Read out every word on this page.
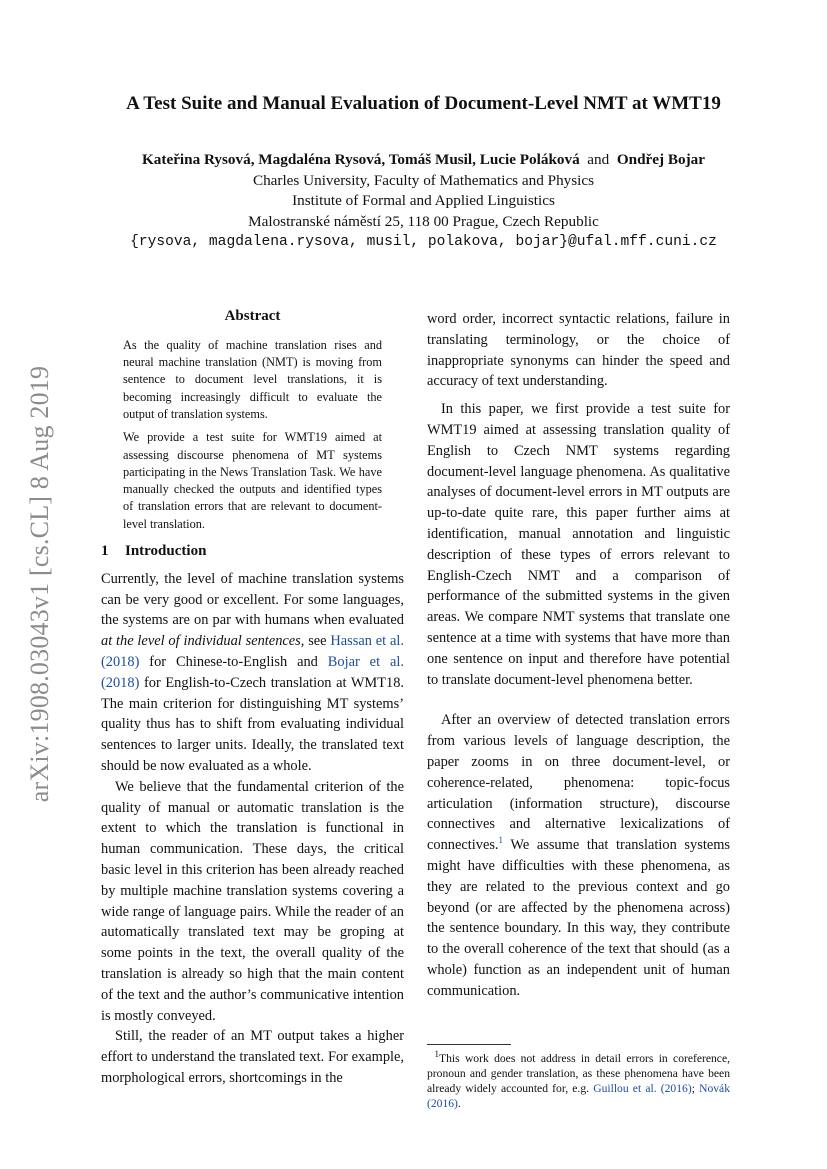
arXiv:1908.03043v1 [cs.CL] 8 Aug 2019
A Test Suite and Manual Evaluation of Document-Level NMT at WMT19
Kateřina Rysová, Magdaléna Rysová, Tomáš Musil, Lucie Poláková and Ondřej Bojar
Charles University, Faculty of Mathematics and Physics
Institute of Formal and Applied Linguistics
Malostranské náměstí 25, 118 00 Prague, Czech Republic
{rysova, magdalena.rysova, musil, polakova, bojar}@ufal.mff.cuni.cz
Abstract

As the quality of machine translation rises and neural machine translation (NMT) is moving from sentence to document level translations, it is becoming increasingly difficult to evaluate the output of translation systems.

We provide a test suite for WMT19 aimed at assessing discourse phenomena of MT systems participating in the News Translation Task. We have manually checked the outputs and identified types of translation errors that are relevant to document-level translation.

1 Introduction

Currently, the level of machine translation systems can be very good or excellent. For some languages, the systems are on par with humans when evaluated at the level of individual sentences, see Hassan et al. (2018) for Chinese-to-English and Bojar et al. (2018) for English-to-Czech translation at WMT18. The main criterion for distinguishing MT systems’ quality thus has to shift from evaluating individual sentences to larger units. Ideally, the translated text should be now evaluated as a whole.

We believe that the fundamental criterion of the quality of manual or automatic translation is the extent to which the translation is functional in human communication. These days, the critical basic level in this criterion has been already reached by multiple machine translation systems covering a wide range of language pairs. While the reader of an automatically translated text may be groping at some points in the text, the overall quality of the translation is already so high that the main content of the text and the author’s communicative intention is mostly conveyed.

Still, the reader of an MT output takes a higher effort to understand the translated text. For example, morphological errors, shortcomings in the

word order, incorrect syntactic relations, failure in translating terminology, or the choice of inappropriate synonyms can hinder the speed and accuracy of text understanding.

In this paper, we first provide a test suite for WMT19 aimed at assessing translation quality of English to Czech NMT systems regarding document-level language phenomena. As qualitative analyses of document-level errors in MT outputs are up-to-date quite rare, this paper further aims at identification, manual annotation and linguistic description of these types of errors relevant to English-Czech NMT and a comparison of performance of the submitted systems in the given areas. We compare NMT systems that translate one sentence at a time with systems that have more than one sentence on input and therefore have potential to translate document-level phenomena better.

After an overview of detected translation errors from various levels of language description, the paper zooms in on three document-level, or coherence-related, phenomena: topic-focus articulation (information structure), discourse connectives and alternative lexicalizations of connectives.$^1$ We assume that translation systems might have difficulties with these phenomena, as they are related to the previous context and go beyond (or are affected by the phenomena across) the sentence boundary. In this way, they contribute to the overall coherence of the text that should (as a whole) function as an independent unit of human communication.

$^1$This work does not address in detail errors in coreference, pronoun and gender translation, as these phenomena have been already widely accounted for, e.g. Guillou et al. (2016); Novák (2016).
